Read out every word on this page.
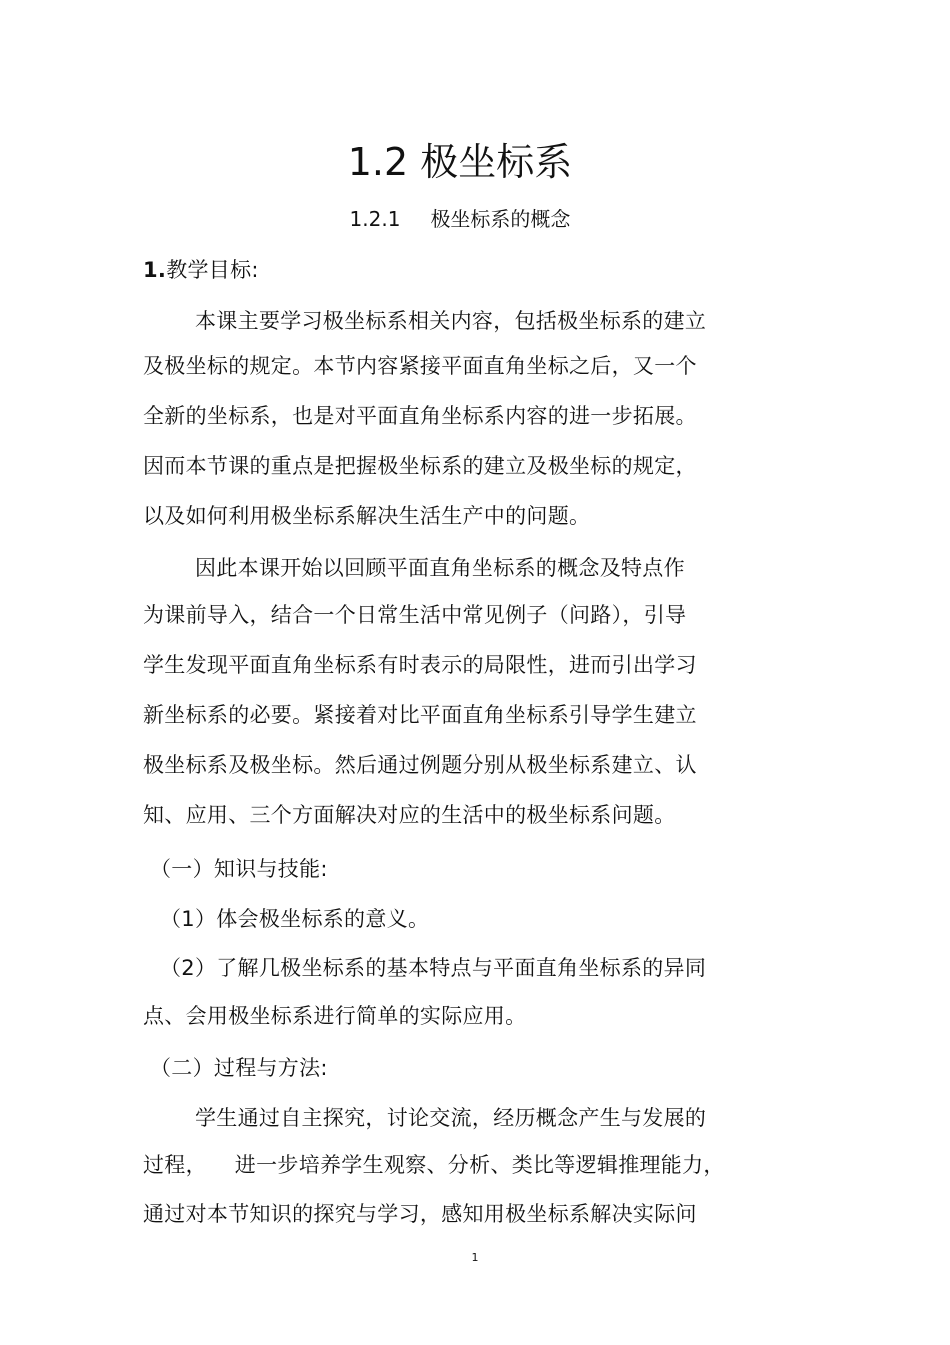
1.2 极坐标系
1.2.1 极坐标系的概念
1.教学目标:
本课主要学习极坐标系相关内容，包括极坐标系的建立
及极坐标的规定。本节内容紧接平面直角坐标之后，又一个
全新的坐标系，也是对平面直角坐标系内容的进一步拓展。
因而本节课的重点是把握极坐标系的建立及极坐标的规定，
以及如何利用极坐标系解决生活生产中的问题。
因此本课开始以回顾平面直角坐标系的概念及特点作
为课前导入，结合一个日常生活中常见例子（问路），引导
学生发现平面直角坐标系有时表示的局限性，进而引出学习
新坐标系的必要。紧接着对比平面直角坐标系引导学生建立
极坐标系及极坐标。然后通过例题分别从极坐标系建立、认
知、应用、三个方面解决对应的生活中的极坐标系问题。
（一）知识与技能:
（1）体会极坐标系的意义。
（2）了解几极坐标系的基本特点与平面直角坐标系的异同
点、会用极坐标系进行简单的实际应用。
（二）过程与方法:
学生通过自主探究，讨论交流，经历概念产生与发展的
过程，    进一步培养学生观察、分析、类比等逻辑推理能力，
通过对本节知识的探究与学习，感知用极坐标系解决实际问
1
